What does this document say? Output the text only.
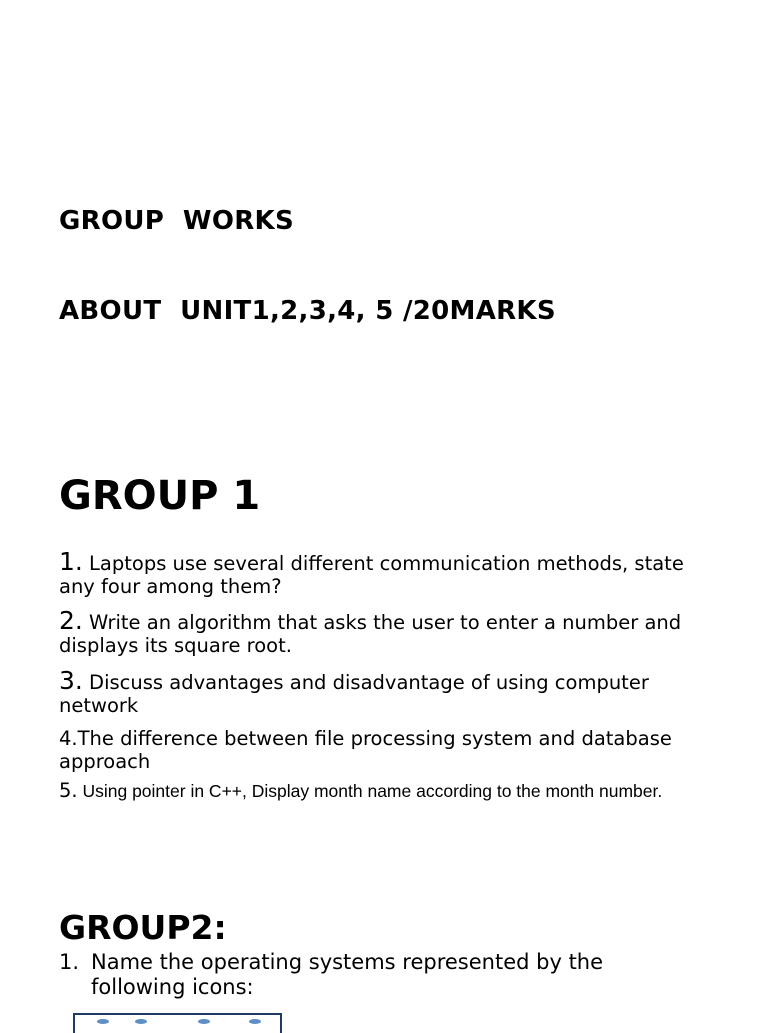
GROUP  WORKS

ABOUT  UNIT1,2,3,4, 5 /20MARKS

GROUP 1
1. Laptops use several different communication methods, state any four among them?
2. Write an algorithm that asks the user to enter a number and displays its square root.
3. Discuss advantages and disadvantage of using computer network
4.The difference between file processing system and database approach
5. Using pointer in C++, Display month name according to the month number.
GROUP2:
1. Name the operating systems represented by the following icons:
